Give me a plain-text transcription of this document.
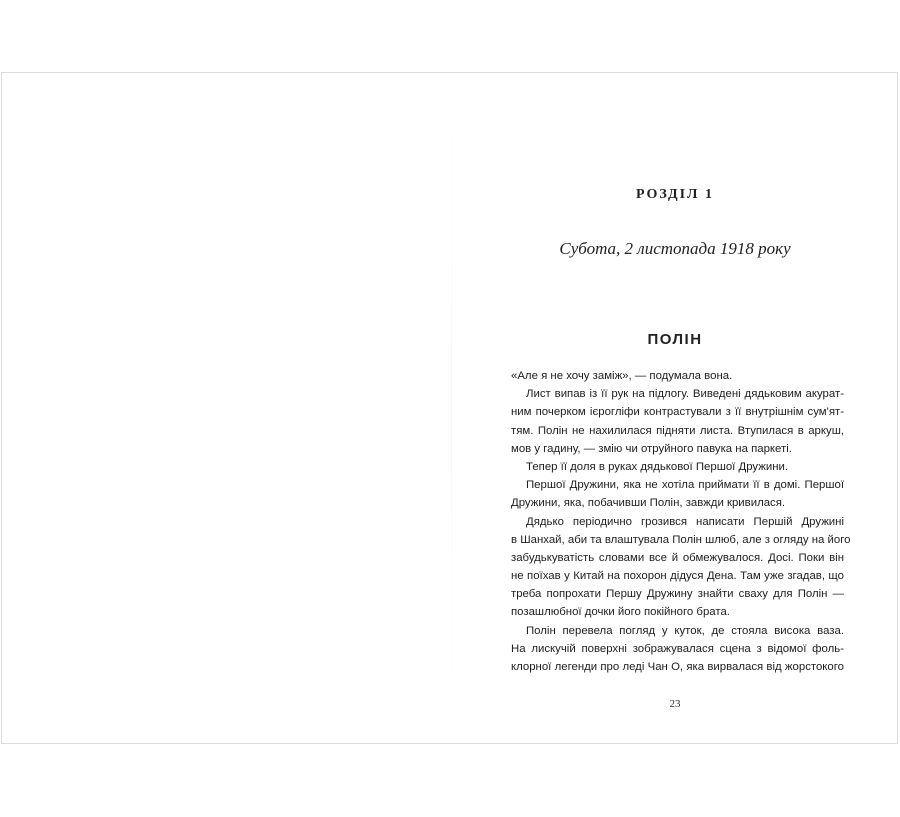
РОЗДІЛ 1
Субота, 2 листопада 1918 року
ПОЛІН
«Але я не хочу заміж», — подумала вона.
Лист випав із її рук на підлогу. Виведені дядьковим акурат-
ним почерком ієрогліфи контрастували з її внутрішнім сум'ят-
тям. Полін не нахилилася підняти листа. Втупилася в аркуш,
мов у гадину, — змію чи отруйного павука на паркеті.
Тепер її доля в руках дядькової Першої Дружини.
Першої Дружини, яка не хотіла приймати її в домі. Першої
Дружини, яка, побачивши Полін, завжди кривилася.
Дядько періодично грозився написати Першій Дружині
в Шанхай, аби та влаштувала Полін шлюб, але з огляду на його
забудькуватість словами все й обмежувалося. Досі. Поки він
не поїхав у Китай на похорон дідуся Дена. Там уже згадав, що
треба попрохати Першу Дружину знайти сваху для Полін —
позашлюбної дочки його покійного брата.
Полін перевела погляд у куток, де стояла висока ваза.
На лискучій поверхні зображувалася сцена з відомої фоль-
клорної легенди про леді Чан О, яка вирвалася від жорстокого
23
